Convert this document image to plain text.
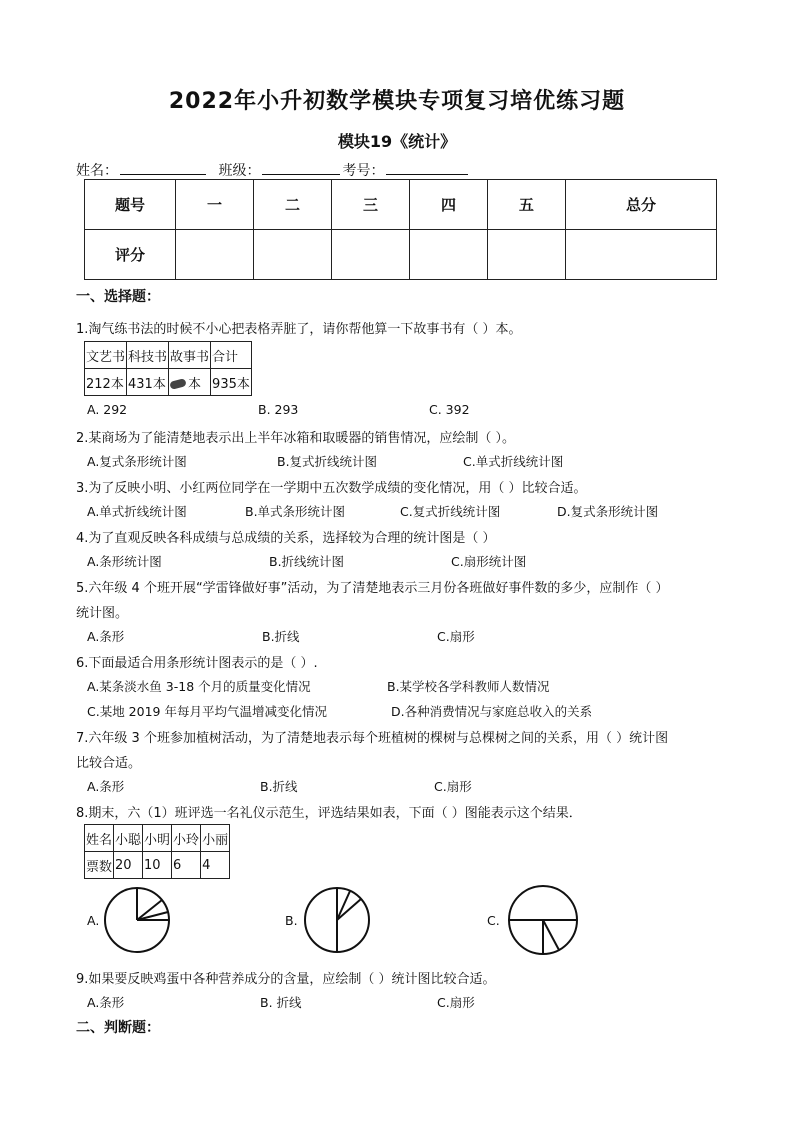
2022年小升初数学模块专项复习培优练习题
模块19《统计》
姓名：	班级：	考号：
题号	一	二	三	四	五	总分
评分						
一、选择题：
1.淘气练书法的时候不小心把表格弄脏了，请你帮他算一下故事书有（ ）本。
文艺书	科技书	故事书	合计
212本	431本	本	935本
A. 292	B. 293	C. 392
2.某商场为了能清楚地表示出上半年冰箱和取暖器的销售情况，应绘制（ ）。
A.复式条形统计图	B.复式折线统计图	C.单式折线统计图
3.为了反映小明、小红两位同学在一学期中五次数学成绩的变化情况，用（ ）比较合适。
A.单式折线统计图	B.单式条形统计图	C.复式折线统计图	D.复式条形统计图
4.为了直观反映各科成绩与总成绩的关系，选择较为合理的统计图是（ ）
A.条形统计图	B.折线统计图	C.扇形统计图
5.六年级 4 个班开展“学雷锋做好事”活动，为了清楚地表示三月份各班做好事件数的多少，应制作（ ）
统计图。
A.条形	B.折线	C.扇形
6.下面最适合用条形统计图表示的是（ ）.
A.某条淡水鱼 3-18 个月的质量变化情况	B.某学校各学科教师人数情况
C.某地 2019 年每月平均气温增减变化情况	D.各种消费情况与家庭总收入的关系
7.六年级 3 个班参加植树活动，为了清楚地表示每个班植树的棵树与总棵树之间的关系，用（ ）统计图
比较合适。
A.条形	B.折线	C.扇形
8.期末，六（1）班评选一名礼仪示范生，评选结果如表，下面（ ）图能表示这个结果．
姓名	小聪	小明	小玲	小丽
票数	20	10	6	4
A.	B.	C.
9.如果要反映鸡蛋中各种营养成分的含量，应绘制（ ）统计图比较合适。
A.条形	B. 折线	C.扇形
二、判断题：
